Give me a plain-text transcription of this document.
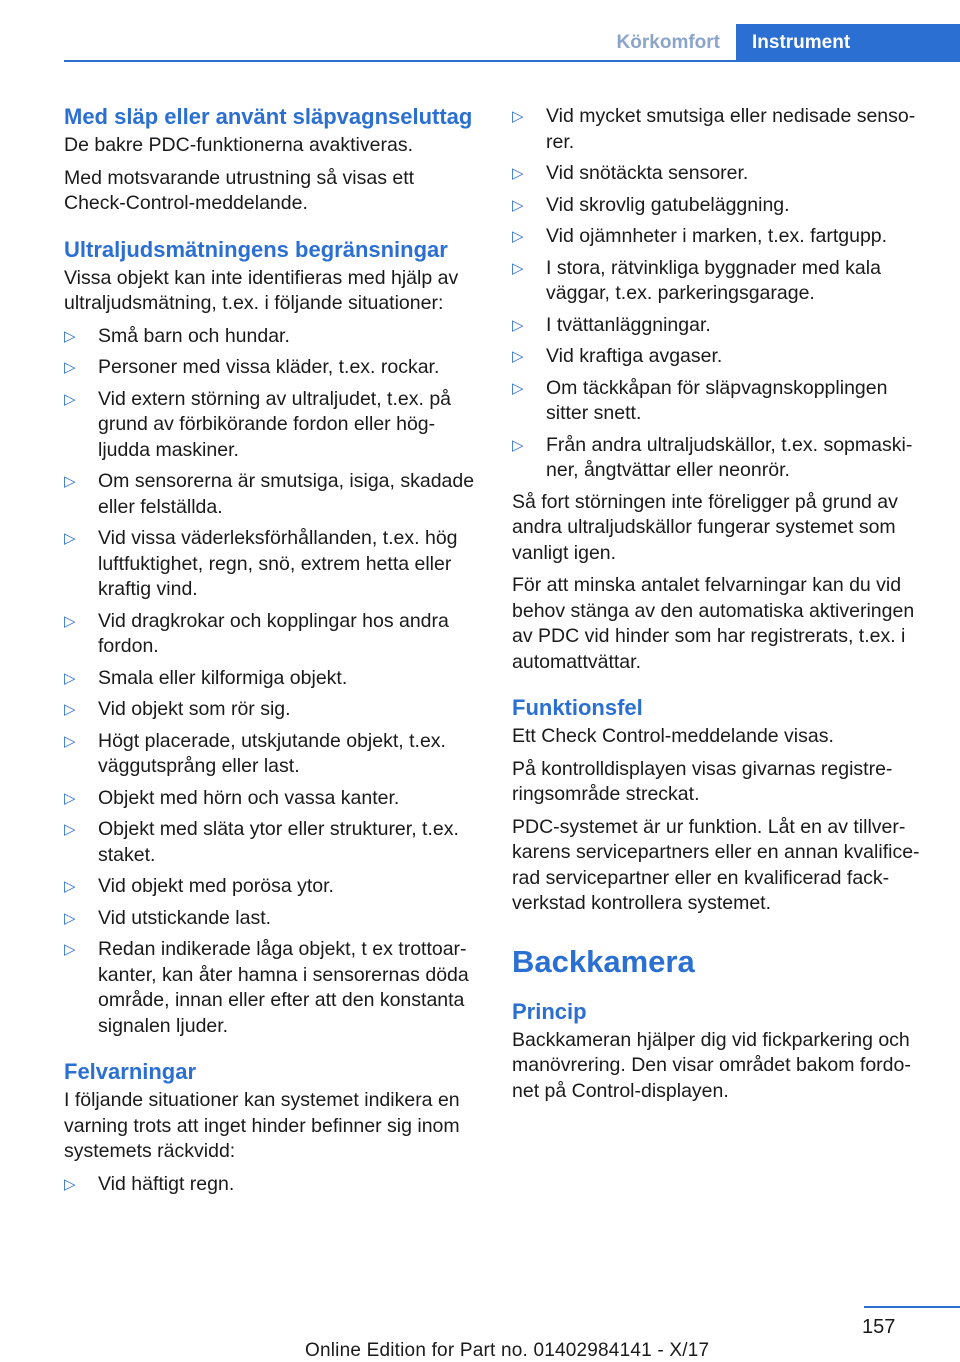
Körkomfort	Instrument
Med släp eller använt släpvagnseluttag

De bakre PDC-funktionerna avaktiveras.

Med motsvarande utrustning så visas ett Check-Control-meddelande.

Ultraljudsmätningens begränsningar

Vissa objekt kan inte identifieras med hjälp av ultraljudsmätning, t.ex. i följande situationer:

▷ Små barn och hundar.
▷ Personer med vissa kläder, t.ex. rockar.
▷ Vid extern störning av ultraljudet, t.ex. på grund av förbikörande fordon eller hög-ljudda maskiner.
▷ Om sensorerna är smutsiga, isiga, skadade eller felställda.
▷ Vid vissa väderleksförhållanden, t.ex. hög luftfuktighet, regn, snö, extrem hetta eller kraftig vind.
▷ Vid dragkrokar och kopplingar hos andra fordon.
▷ Smala eller kilformiga objekt.
▷ Vid objekt som rör sig.
▷ Högt placerade, utskjutande objekt, t.ex. väggutsprång eller last.
▷ Objekt med hörn och vassa kanter.
▷ Objekt med släta ytor eller strukturer, t.ex. staket.
▷ Vid objekt med porösa ytor.
▷ Vid utstickande last.
▷ Redan indikerade låga objekt, t ex trottoar-kanter, kan åter hamna i sensorernas döda område, innan eller efter att den konstanta signalen ljuder.
Felvarningar

I följande situationer kan systemet indikera en varning trots att inget hinder befinner sig inom systemets räckvidd:

▷ Vid häftigt regn.
▷ Vid mycket smutsiga eller nedisade senso-rer.
▷ Vid snötäckta sensorer.
▷ Vid skrovlig gatubeläggning.
▷ Vid ojämnheter i marken, t.ex. fartgupp.
▷ I stora, rätvinkliga byggnader med kala väggar, t.ex. parkeringsgarage.
▷ I tvättanläggningar.
▷ Vid kraftiga avgaser.
▷ Om täckkåpan för släpvagnskopplingen sitter snett.
▷ Från andra ultraljudskällor, t.ex. sopmaski-ner, ångtvättar eller neonrör.

Så fort störningen inte föreligger på grund av andra ultraljudskällor fungerar systemet som vanligt igen.

För att minska antalet felvarningar kan du vid behov stänga av den automatiska aktiveringen av PDC vid hinder som har registrerats, t.ex. i automattvättar.

Funktionsfel

Ett Check Control-meddelande visas.

På kontrolldisplayen visas givarnas registre-ringsområde streckat.

PDC-systemet är ur funktion. Låt en av tillver-karens servicepartners eller en annan kvalifice-rad servicepartner eller en kvalificerad fack-verkstad kontrollera systemet.

Backkamera
Princip

Backkameran hjälper dig vid fickparkering och manövrering. Den visar området bakom fordo-net på Control-displayen.

157
Online Edition for Part no. 01402984141 - X/17
